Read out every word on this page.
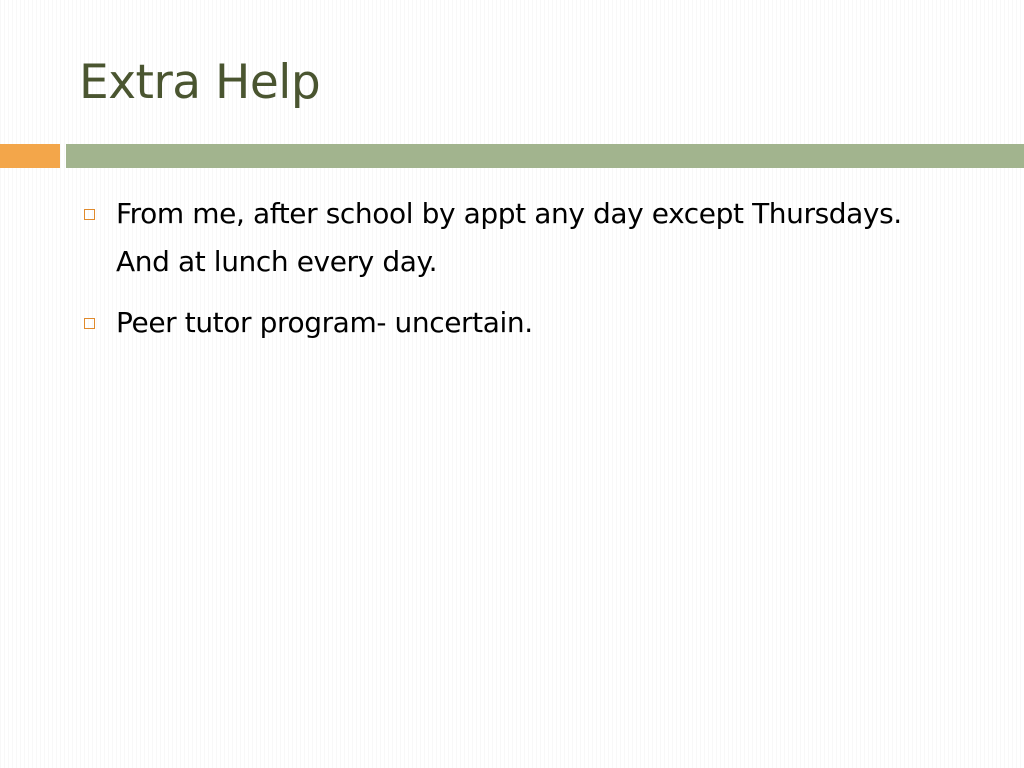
Extra Help
From me, after school by appt any day except Thursdays. And at lunch every day.
Peer tutor program- uncertain.
